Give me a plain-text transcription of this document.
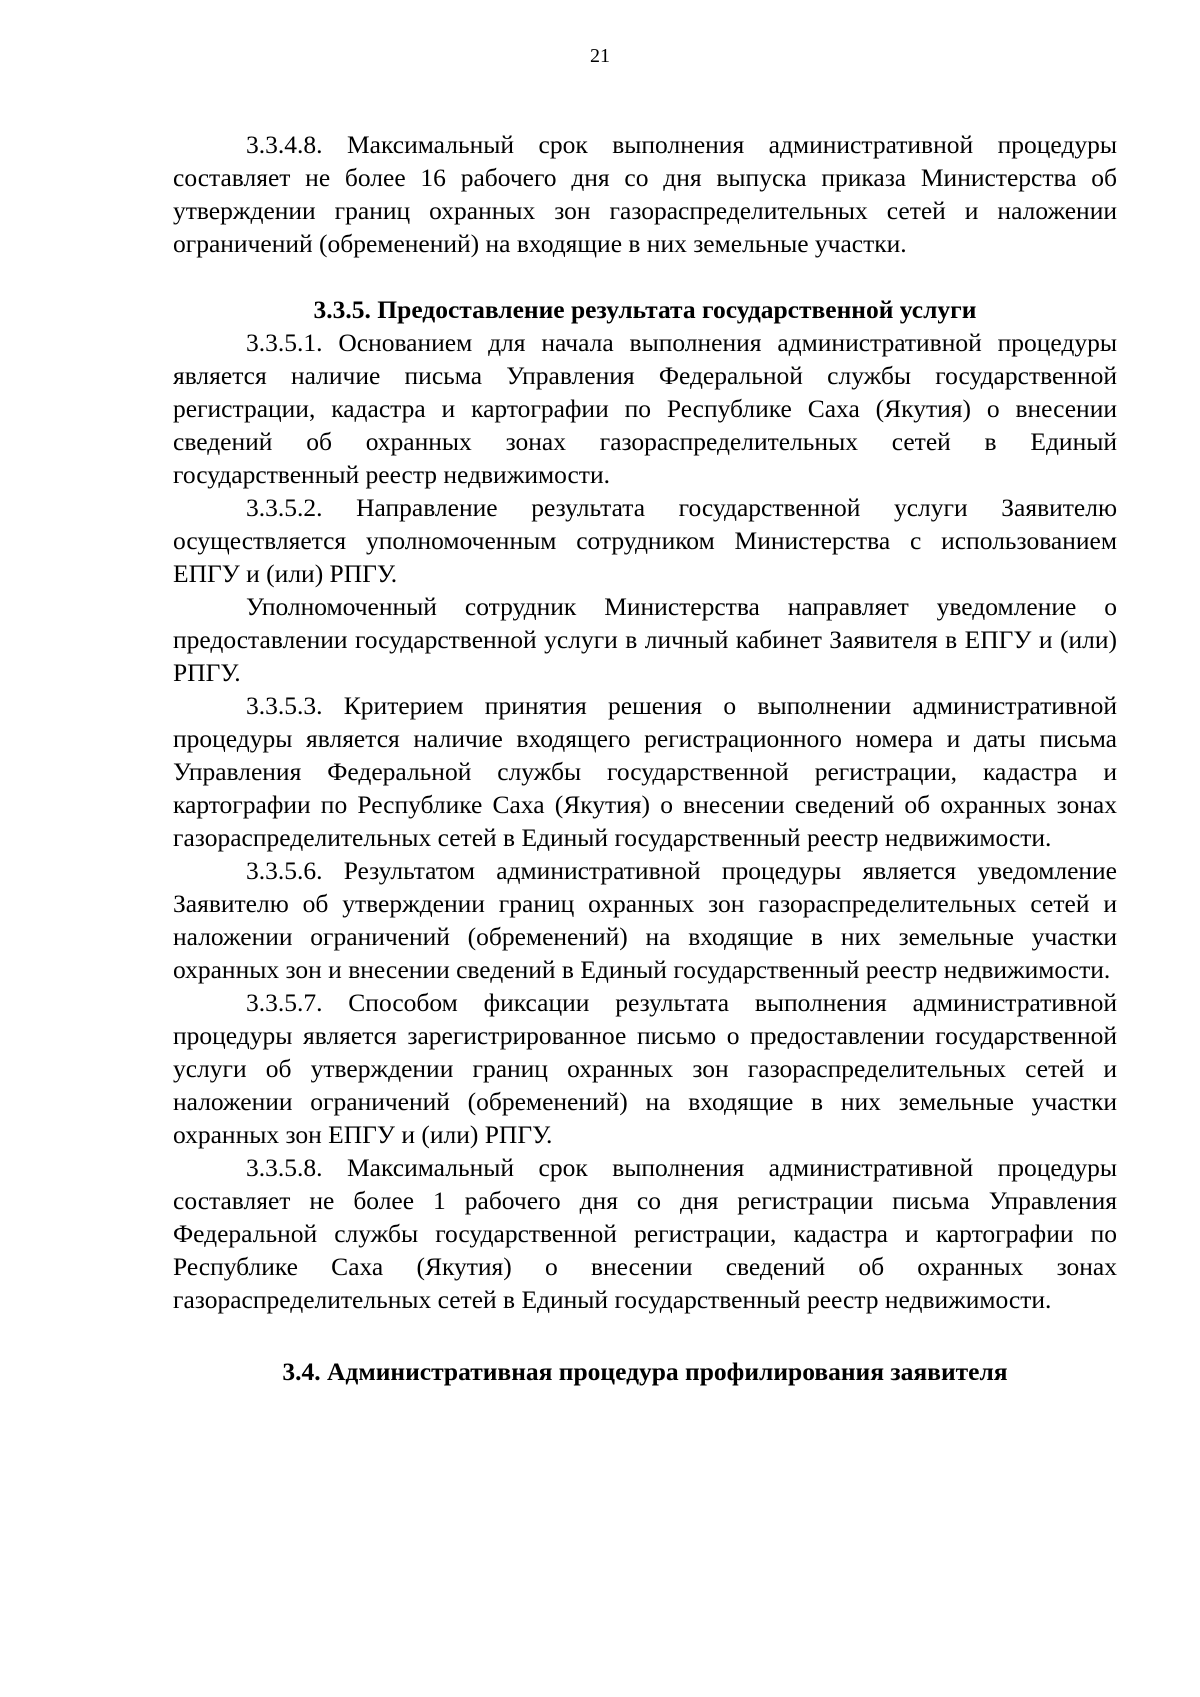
21

3.3.4.8. Максимальный срок выполнения административной процедуры составляет не более 16 рабочего дня со дня выпуска приказа Министерства об утверждении границ охранных зон газораспределительных сетей и наложении ограничений (обременений) на входящие в них земельные участки.

3.3.5. Предоставление результата государственной услуги

3.3.5.1. Основанием для начала выполнения административной процедуры является наличие письма Управления Федеральной службы государственной регистрации, кадастра и картографии по Республике Саха (Якутия) о внесении сведений об охранных зонах газораспределительных сетей в Единый государственный реестр недвижимости.

3.3.5.2. Направление результата государственной услуги Заявителю осуществляется уполномоченным сотрудником Министерства с использованием ЕПГУ и (или) РПГУ.

Уполномоченный сотрудник Министерства направляет уведомление о предоставлении государственной услуги в личный кабинет Заявителя в ЕПГУ и (или) РПГУ.

3.3.5.3. Критерием принятия решения о выполнении административной процедуры является наличие входящего регистрационного номера и даты письма Управления Федеральной службы государственной регистрации, кадастра и картографии по Республике Саха (Якутия) о внесении сведений об охранных зонах газораспределительных сетей в Единый государственный реестр недвижимости.

3.3.5.6. Результатом административной процедуры является уведомление Заявителю об утверждении границ охранных зон газораспределительных сетей и наложении ограничений (обременений) на входящие в них земельные участки охранных зон и внесении сведений в Единый государственный реестр недвижимости.

3.3.5.7. Способом фиксации результата выполнения административной процедуры является зарегистрированное письмо о предоставлении государственной услуги об утверждении границ охранных зон газораспределительных сетей и наложении ограничений (обременений) на входящие в них земельные участки охранных зон ЕПГУ и (или) РПГУ.

3.3.5.8. Максимальный срок выполнения административной процедуры составляет не более 1 рабочего дня со дня регистрации письма Управления Федеральной службы государственной регистрации, кадастра и картографии по Республике Саха (Якутия) о внесении сведений об охранных зонах газораспределительных сетей в Единый государственный реестр недвижимости.

3.4. Административная процедура профилирования заявителя
